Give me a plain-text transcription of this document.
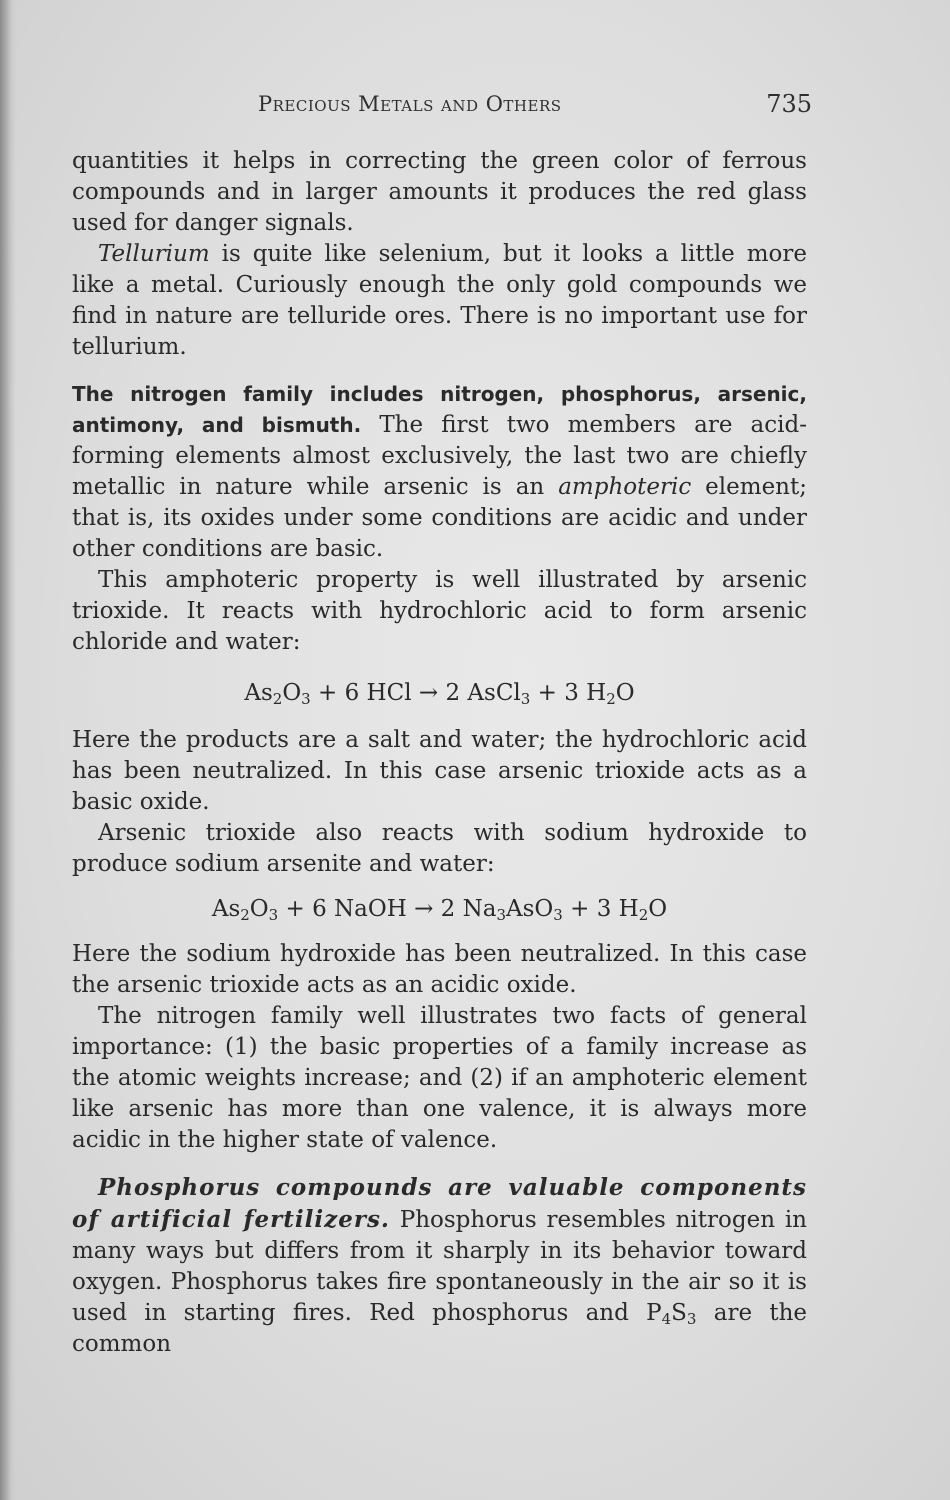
Precious Metals and Others	735

quantities it helps in correcting the green color of ferrous compounds and in larger amounts it produces the red glass used for danger signals.

Tellurium is quite like selenium, but it looks a little more like a metal. Curiously enough the only gold compounds we find in nature are telluride ores. There is no important use for tellurium.

The nitrogen family includes nitrogen, phosphorus, arsenic, antimony, and bismuth. The first two members are acid-forming elements almost exclusively, the last two are chiefly metallic in nature while arsenic is an amphoteric element; that is, its oxides under some conditions are acidic and under other conditions are basic.

This amphoteric property is well illustrated by arsenic trioxide. It reacts with hydrochloric acid to form arsenic chloride and water:

$As_2O_3 + 6$ HCl → 2 AsCl$_3$ + 3 $H_2O$

Here the products are a salt and water; the hydrochloric acid has been neutralized. In this case arsenic trioxide acts as a basic oxide.

Arsenic trioxide also reacts with sodium hydroxide to produce sodium arsenite and water:

$As_2O_3 + 6$ NaOH → 2 $Na_3AsO_3 + 3$ $H_2O$

Here the sodium hydroxide has been neutralized. In this case the arsenic trioxide acts as an acidic oxide.

The nitrogen family well illustrates two facts of general importance: (1) the basic properties of a family increase as the atomic weights increase; and (2) if an amphoteric element like arsenic has more than one valence, it is always more acidic in the higher state of valence.

Phosphorus compounds are valuable components of artificial fertilizers. Phosphorus resembles nitrogen in many ways but differs from it sharply in its behavior toward oxygen. Phosphorus takes fire spontaneously in the air so it is used in starting fires. Red phosphorus and $P_4S_3$ are the common
